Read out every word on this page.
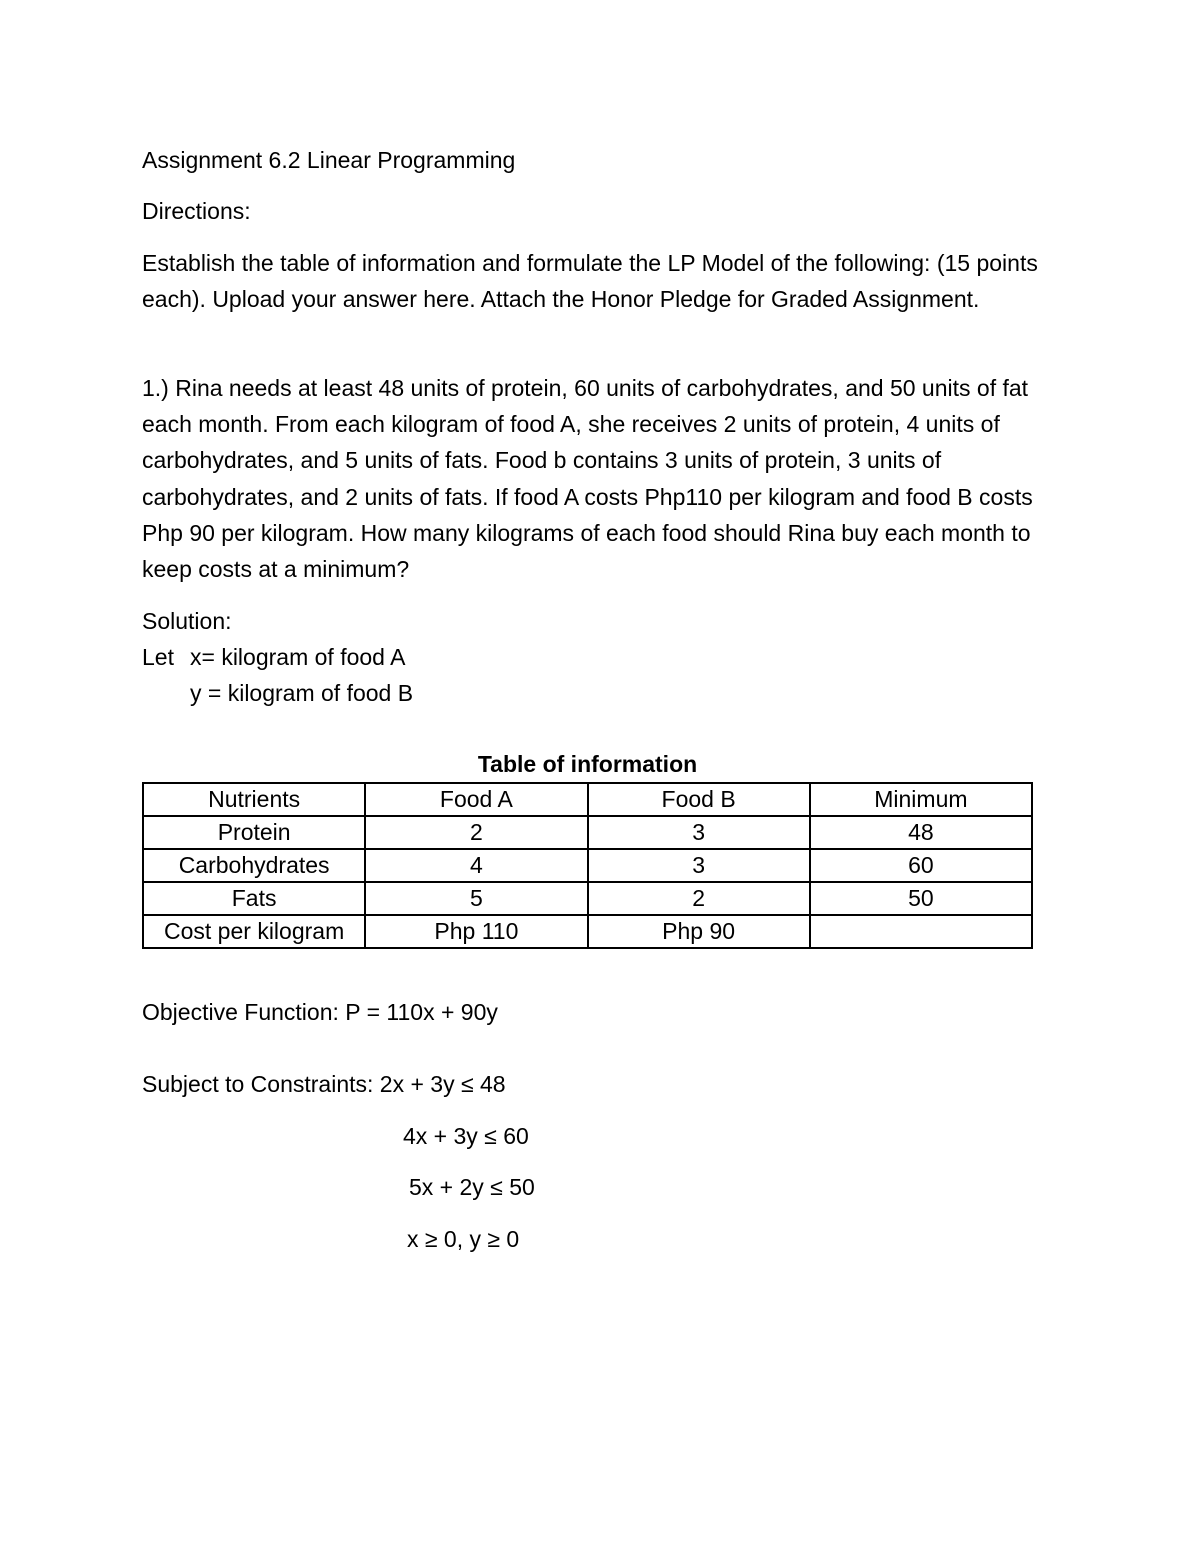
Assignment 6.2 Linear Programming
Directions:
Establish the table of information and formulate the LP Model of the following: (15 points each). Upload your answer here. Attach the Honor Pledge for Graded Assignment.
1.) Rina needs at least 48 units of protein, 60 units of carbohydrates, and 50 units of fat each month. From each kilogram of food A, she receives 2 units of protein, 4 units of carbohydrates, and 5 units of fats. Food b contains 3 units of protein, 3 units of carbohydrates, and 2 units of fats. If food A costs Php110 per kilogram and food B costs Php 90 per kilogram. How many kilograms of each food should Rina buy each month to keep costs at a minimum?
Solution:
Let x= kilogram of food A
y = kilogram of food B
Table of information
Nutrients	Food A	Food B	Minimum
Protein	2	3	48
Carbohydrates	4	3	60
Fats	5	2	50
Cost per kilogram	Php 110	Php 90	
Objective Function: P = 110x + 90y
Subject to Constraints: 2x + 3y ≤ 48
4x + 3y ≤ 60
5x + 2y ≤ 50
x ≥ 0, y ≥ 0
